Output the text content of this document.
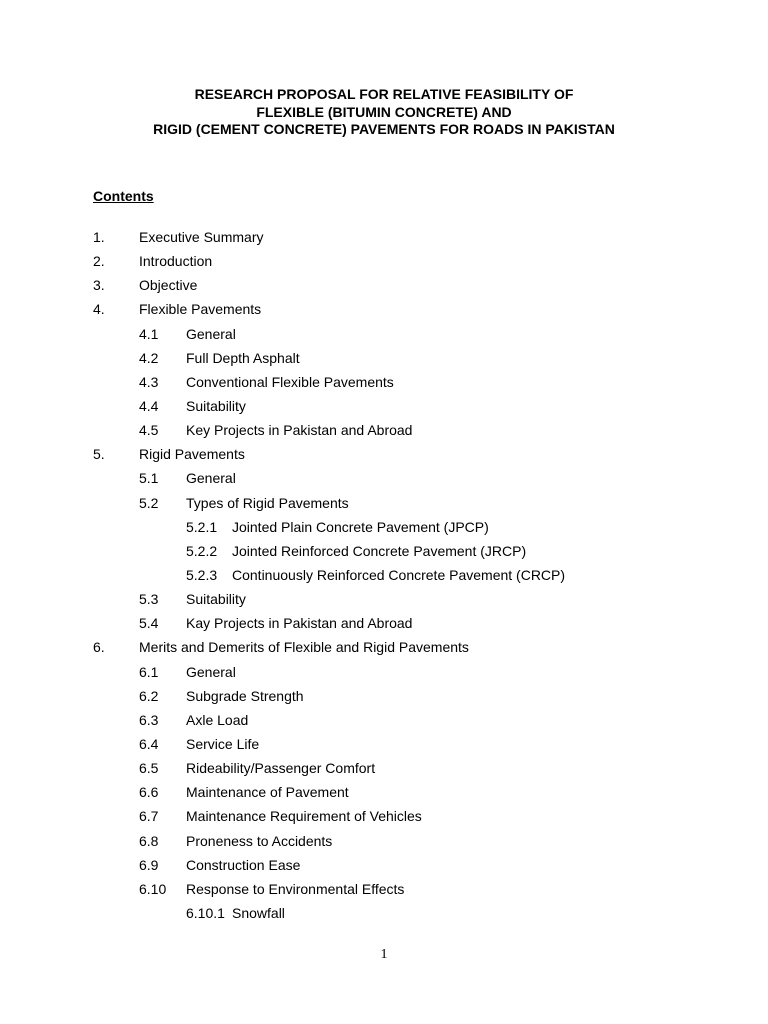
RESEARCH PROPOSAL FOR RELATIVE FEASIBILITY OF
FLEXIBLE (BITUMIN CONCRETE) AND
RIGID (CEMENT CONCRETE) PAVEMENTS FOR ROADS IN PAKISTAN
Contents
1. Executive Summary
2. Introduction
3. Objective
4. Flexible Pavements
4.1 General
4.2 Full Depth Asphalt
4.3 Conventional Flexible Pavements
4.4 Suitability
4.5 Key Projects in Pakistan and Abroad
5. Rigid Pavements
5.1 General
5.2 Types of Rigid Pavements
5.2.1 Jointed Plain Concrete Pavement (JPCP)
5.2.2 Jointed Reinforced Concrete Pavement (JRCP)
5.2.3 Continuously Reinforced Concrete Pavement (CRCP)
5.3 Suitability
5.4 Kay Projects in Pakistan and Abroad
6. Merits and Demerits of Flexible and Rigid Pavements
6.1 General
6.2 Subgrade Strength
6.3 Axle Load
6.4 Service Life
6.5 Rideability/Passenger Comfort
6.6 Maintenance of Pavement
6.7 Maintenance Requirement of Vehicles
6.8 Proneness to Accidents
6.9 Construction Ease
6.10 Response to Environmental Effects
6.10.1 Snowfall
1
